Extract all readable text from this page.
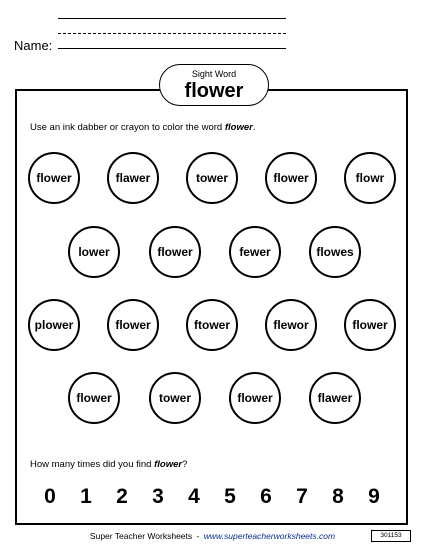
Name:
Sight Word
flower
Use an ink dabber or crayon to color the word flower.
flower	flawer	tower	flower	flowr
lower	flower	fewer	flowes
plower	flower	ftower	flewor	flower
flower	tower	flower	flawer
How many times did you find flower?
0 1 2 3 4 5 6 7 8 9
Super Teacher Worksheets - www.superteacherworksheets.com	301153
